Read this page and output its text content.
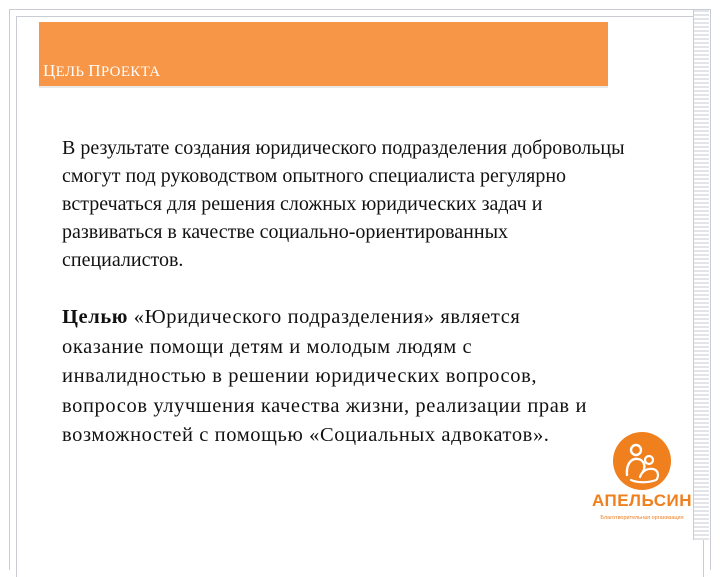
ЦЕЛЬ ПРОЕКТА

В результате создания юридического подразделения добровольцы смогут под руководством опытного специалиста регулярно встречаться для решения сложных юридических задач и развиваться в качестве социально-ориентированных специалистов.

Целью «Юридического подразделения» является оказание помощи детям и молодым людям с инвалидностью в решении юридических вопросов, вопросов улучшения качества жизни, реализации прав и возможностей с помощью «Социальных адвокатов».

АПЕЛЬСИН
Благотворительная организация
